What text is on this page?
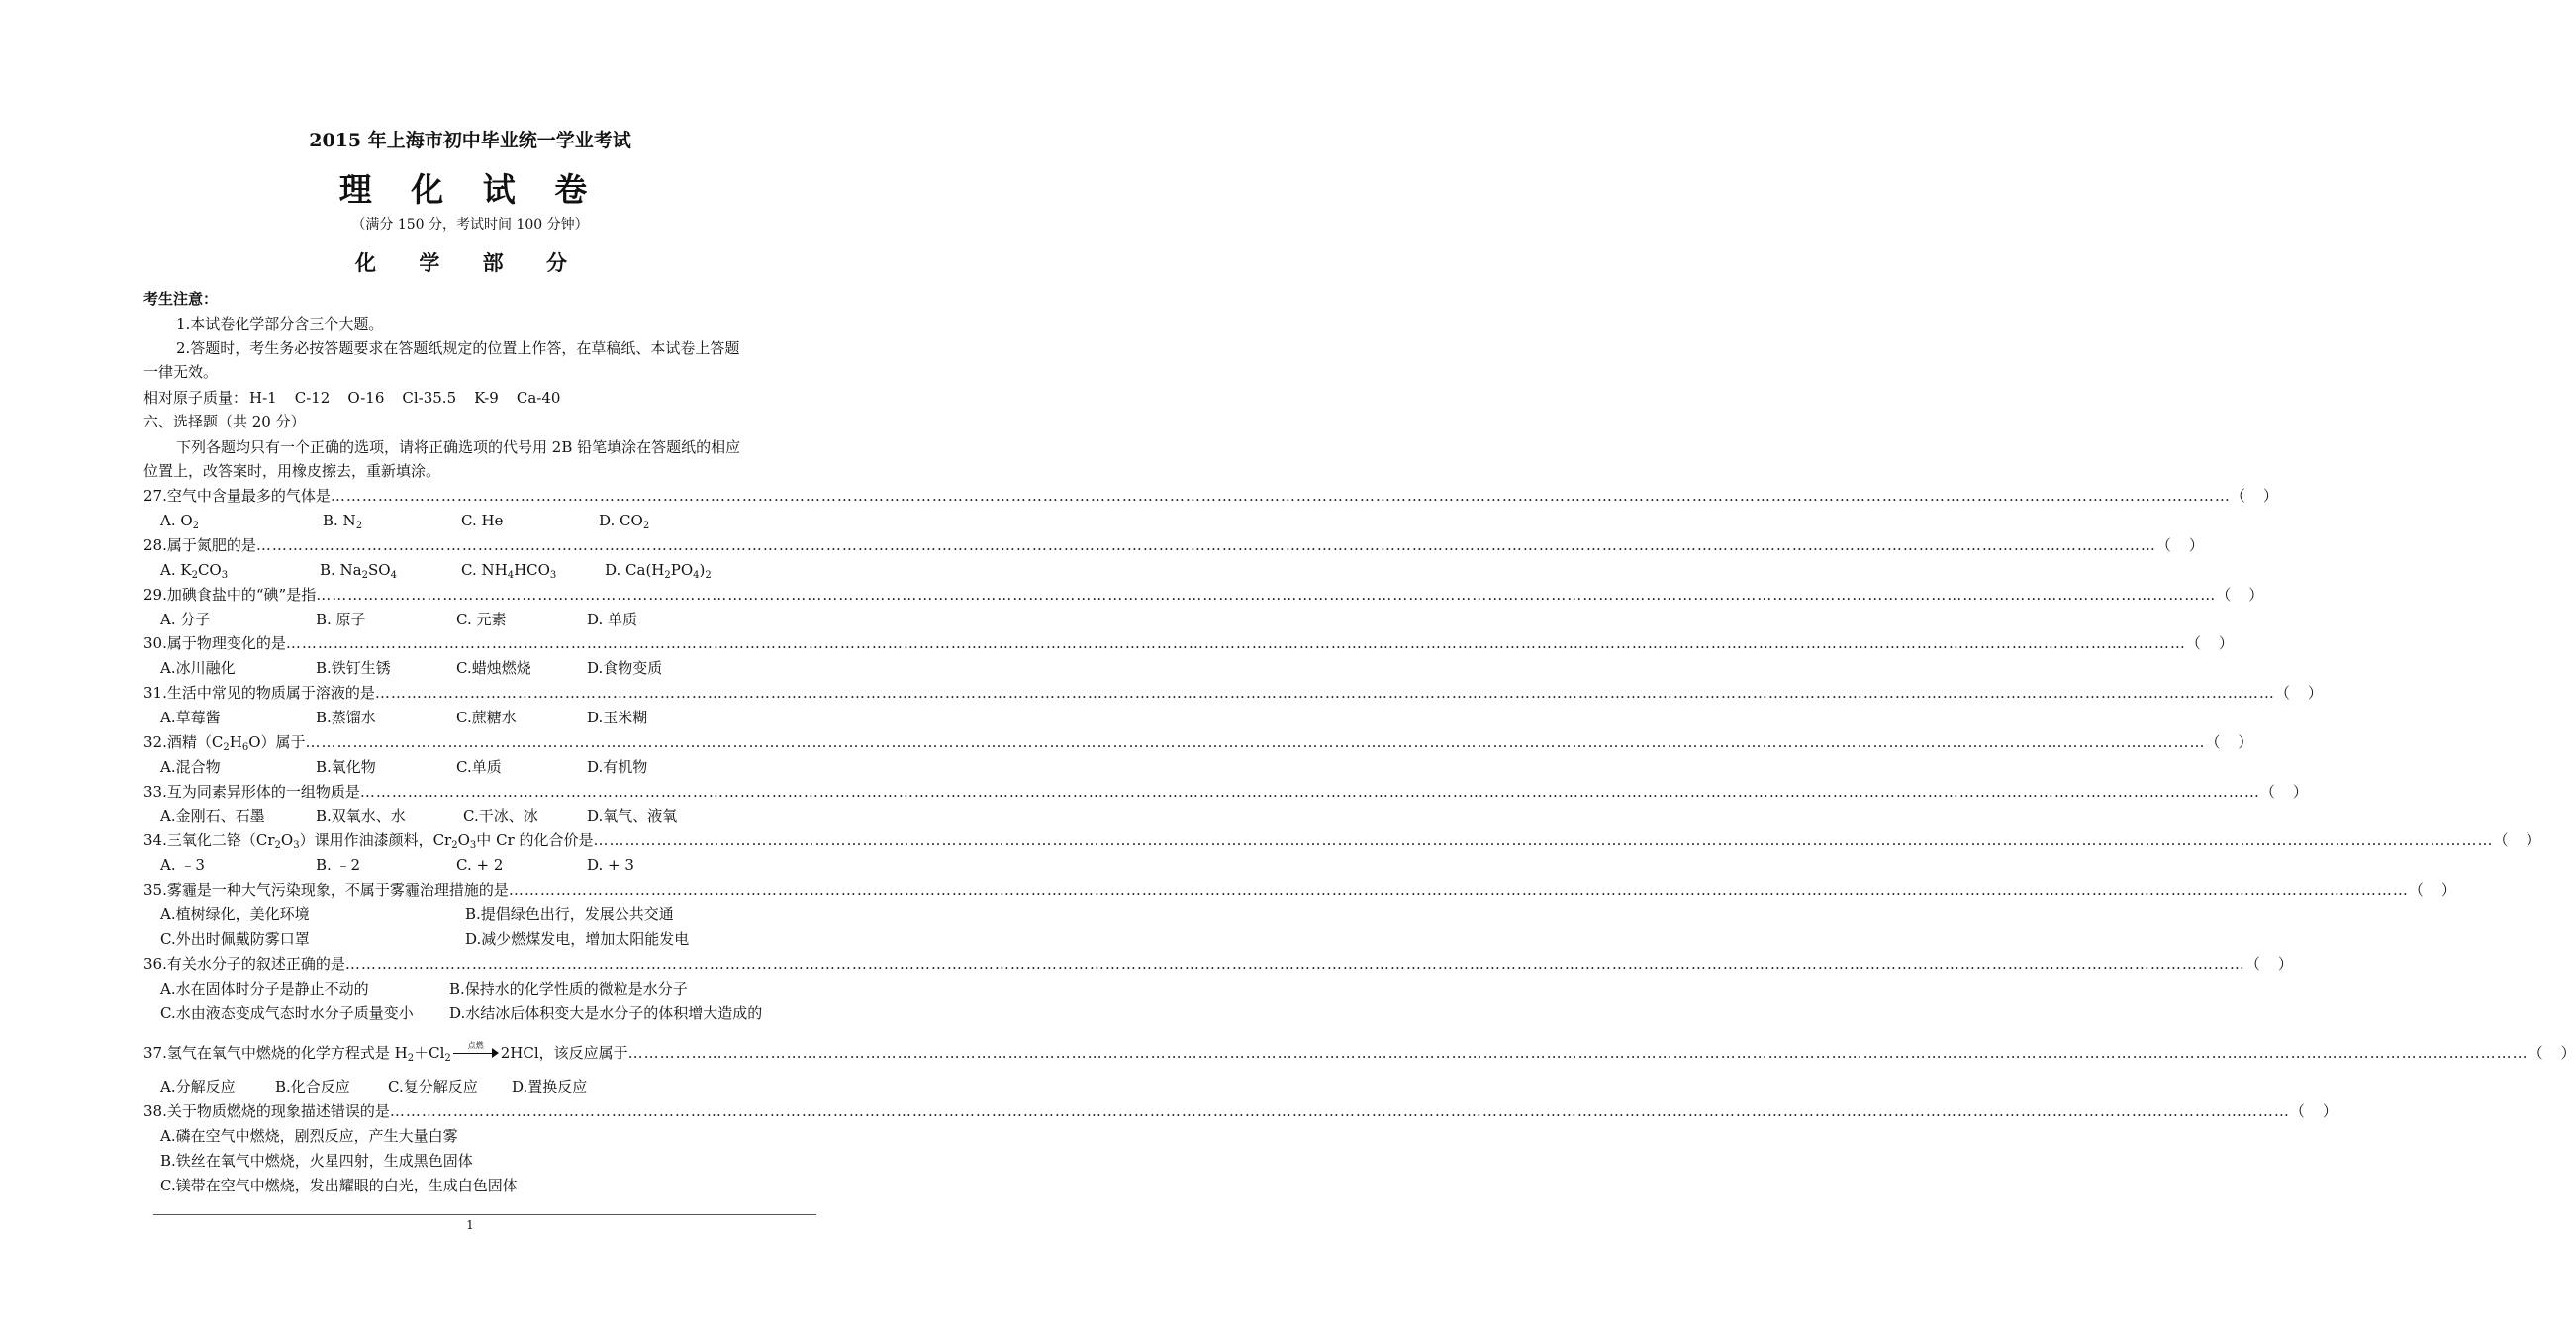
2015 年上海市初中毕业统一学业考试
理 化 试 卷
（满分 150 分，考试时间 100 分钟）
化 学 部 分
考生注意：
1.本试卷化学部分含三个大题。
2.答题时，考生务必按答题要求在答题纸规定的位置上作答，在草稿纸、本试卷上答题
一律无效。
相对原子质量： H-1 C-12 O-16 Cl-35.5 K-9 Ca-40
六、选择题（共 20 分）
下列各题均只有一个正确的选项，请将正确选项的代号用 2B 铅笔填涂在答题纸的相应
位置上，改答案时，用橡皮擦去，重新填涂。
27.空气中含量最多的气体是 ……………………………………………………………………………………………………………………………………………………………………………………………………………………………………………………………………………………………………………………………… （ ）
A. $O_2$	B. $N_2$	C. He	D. $CO_2$
28.属于氮肥的是 ……………………………………………………………………………………………………………………………………………………………………………………………………………………………………………………………………………………………………………………………… （ ）
A. $K_2CO_3$	B. $Na_2SO_4$	C. $NH_4HCO_3$	D. $Ca(H_2PO_4)_2$
29.加碘食盐中的“碘”是指 ……………………………………………………………………………………………………………………………………………………………………………………………………………………………………………………………………………………………………………………………… （ ）
A. 分子	B. 原子	C. 元素	D. 单质
30.属于物理变化的是 ……………………………………………………………………………………………………………………………………………………………………………………………………………………………………………………………………………………………………………………………… （ ）
A.冰川融化	B.铁钉生锈	C.蜡烛燃烧	D.食物变质
31.生活中常见的物质属于溶液的是 ……………………………………………………………………………………………………………………………………………………………………………………………………………………………………………………………………………………………………………………………… （ ）
A.草莓酱	B.蒸馏水	C.蔗糖水	D.玉米糊
32.酒精$(C_2H_6O)$属于 ……………………………………………………………………………………………………………………………………………………………………………………………………………………………………………………………………………………………………………………………… （ ）
A.混合物	B.氧化物	C.单质	D.有机物
33.互为同素异形体的一组物质是 ……………………………………………………………………………………………………………………………………………………………………………………………………………………………………………………………………………………………………………………………… （ ）
A.金刚石、石墨	B.双氧水、水	C.干冰、冰	D.氧气、液氧
34.三氧化二铬$(Cr_2O_3)$课用作油漆颜料，$Cr_2O_3$中 Cr 的化合价是 ……………………………………………………………………………………………………………………………………………………………………………………………………………………………………………………………………………………………………………………………… （ ）
A. ﹣3	B. ﹣2	C. + 2	D. + 3
35.雾霾是一种大气污染现象，不属于雾霾治理措施的是 ……………………………………………………………………………………………………………………………………………………………………………………………………………………………………………………………………………………………………………………………… （ ）
A.植树绿化，美化环境	B.提倡绿色出行，发展公共交通
C.外出时佩戴防雾口罩	D.减少燃煤发电，增加太阳能发电
36.有关水分子的叙述正确的是 ……………………………………………………………………………………………………………………………………………………………………………………………………………………………………………………………………………………………………………………………… （ ）
A.水在固体时分子是静止不动的	B.保持水的化学性质的微粒是水分子
C.水由液态变成气态时水分子质量变小 D.水结冰后体积变大是水分子的体积增大造成的
37.氢气在氧气中燃烧的化学方程式是 $H_2+Cl_2$
点燃	2HCl，该反应属于 ……………………………………………………………………………………………………………………………………………………………………………………………………………………………………………………………………………………………………………………………… （ ）
A.分解反应	B.化合反应	C.复分解反应 D.置换反应
38.关于物质燃烧的现象描述错误的是 ……………………………………………………………………………………………………………………………………………………………………………………………………………………………………………………………………………………………………………………………… （ ）
A.磷在空气中燃烧，剧烈反应，产生大量白雾
B.铁丝在氧气中燃烧，火星四射，生成黑色固体
C.镁带在空气中燃烧，发出耀眼的白光，生成白色固体
1
